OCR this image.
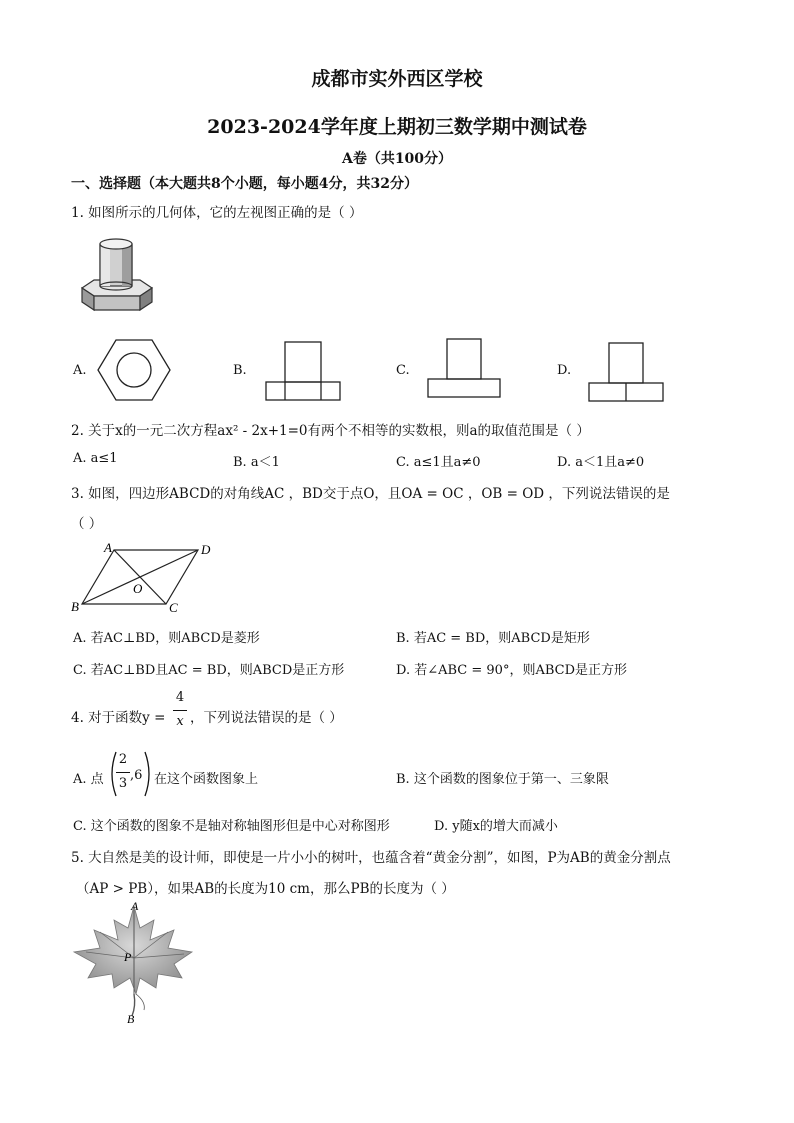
成都市实外西区学校
2023-2024学年度上期初三数学期中测试卷
A卷（共100分）
一、选择题（本大题共8个小题，每小题4分，共32分）
1. 如图所示的几何体，它的左视图正确的是（ ）
A.	B.	C.	D.
2. 关于x的一元二次方程ax² - 2x+1=0有两个不相等的实数根，则a的取值范围是（ ）
A. a≤1	B. a＜1	C. a≤1且a≠0	D. a＜1且a≠0
3. 如图，四边形ABCD的对角线AC ，BD交于点O，且OA = OC ，OB = OD ，下列说法错误的是
（ ）
A	D
O
B	C
A. 若AC⊥BD，则ABCD是菱形	B. 若AC = BD，则ABCD是矩形
C. 若AC⊥BD且AC = BD，则ABCD是正方形	D. 若∠ABC = 90°，则ABCD是正方形
4. 对于函数y =
4
x ，下列说法错误的是（ ）
A. 点
2
3
,6 在这个函数图象上	B. 这个函数的图象位于第一、三象限
C. 这个函数的图象不是轴对称轴图形但是中心对称图形	D. y随x的增大而减小
5. 大自然是美的设计师，即使是一片小小的树叶，也蕴含着“黄金分割”，如图，P为AB的黄金分割点
（AP > PB），如果AB的长度为10 cm，那么PB的长度为（ ）
A
P
B
